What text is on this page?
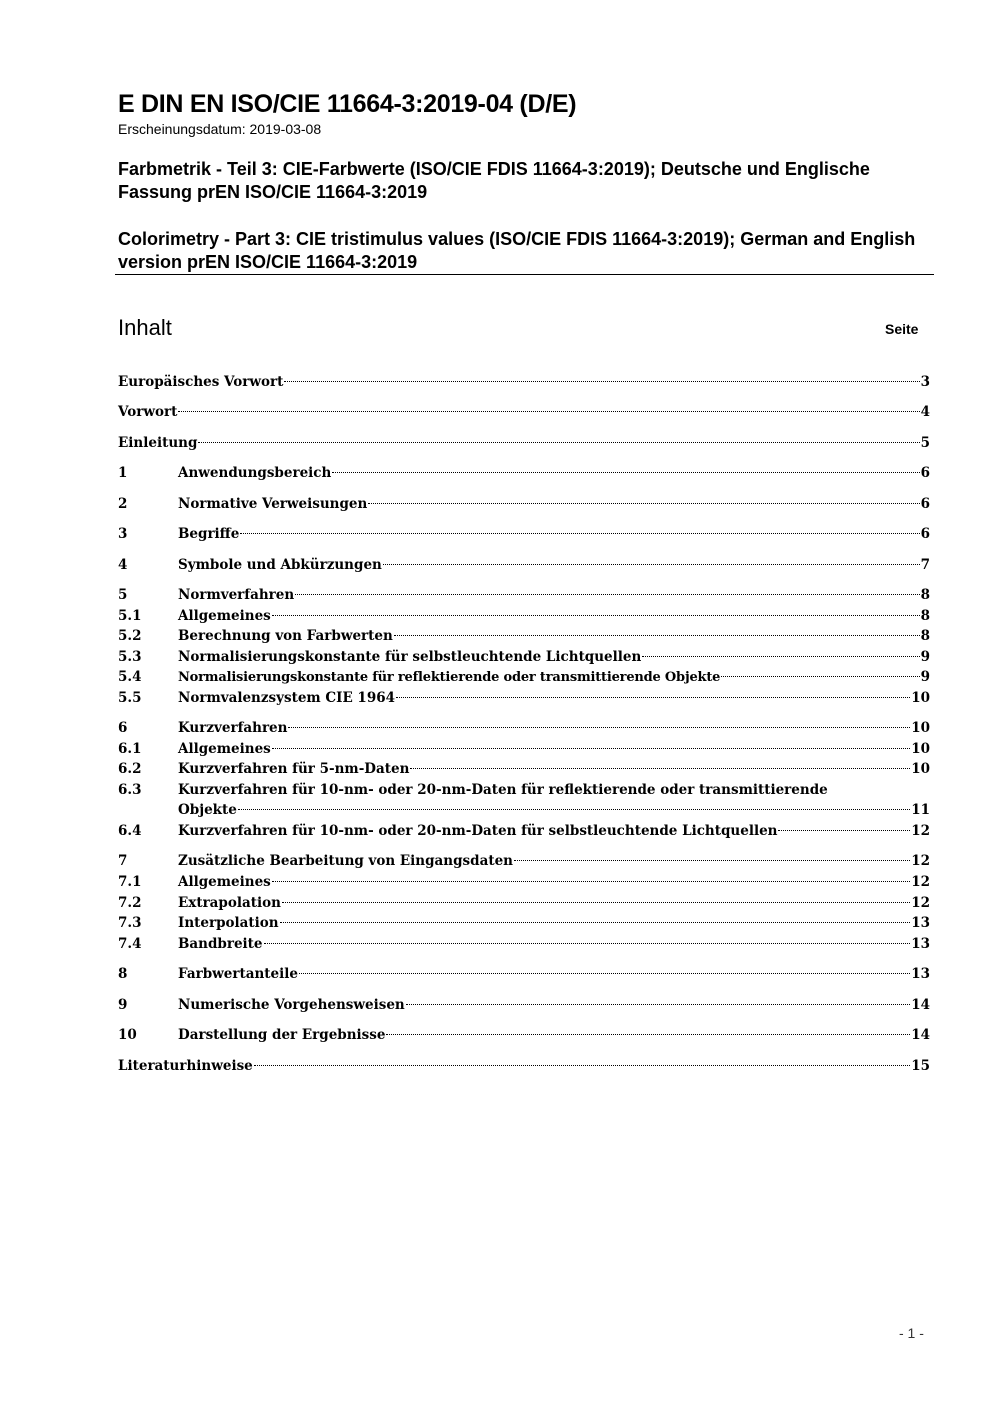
E DIN EN ISO/CIE 11664-3:2019-04 (D/E)
Erscheinungsdatum: 2019-03-08
Farbmetrik - Teil 3: CIE-Farbwerte (ISO/CIE FDIS 11664-3:2019); Deutsche und Englische Fassung prEN ISO/CIE 11664-3:2019
Colorimetry - Part 3: CIE tristimulus values (ISO/CIE FDIS 11664-3:2019); German and English version prEN ISO/CIE 11664-3:2019
Inhalt	Seite
Europäisches Vorwort	3
Vorwort	4
Einleitung	5
1	Anwendungsbereich	6
2	Normative Verweisungen	6
3	Begriffe	6
4	Symbole und Abkürzungen	7
5	Normverfahren	8
5.1	Allgemeines	8
5.2	Berechnung von Farbwerten	8
5.3	Normalisierungskonstante für selbstleuchtende Lichtquellen	9
5.4	Normalisierungskonstante für reflektierende oder transmittierende Objekte	9
5.5	Normvalenzsystem CIE 1964	10
6	Kurzverfahren	10
6.1	Allgemeines	10
6.2	Kurzverfahren für 5-nm-Daten	10
6.3	Kurzverfahren für 10-nm- oder 20-nm-Daten für reflektierende oder transmittierende
Objekte	11
6.4	Kurzverfahren für 10-nm- oder 20-nm-Daten für selbstleuchtende Lichtquellen	12
7	Zusätzliche Bearbeitung von Eingangsdaten	12
7.1	Allgemeines	12
7.2	Extrapolation	12
7.3	Interpolation	13
7.4	Bandbreite	13
8	Farbwertanteile	13
9	Numerische Vorgehensweisen	14
10	Darstellung der Ergebnisse	14
Literaturhinweise	15
- 1 -
